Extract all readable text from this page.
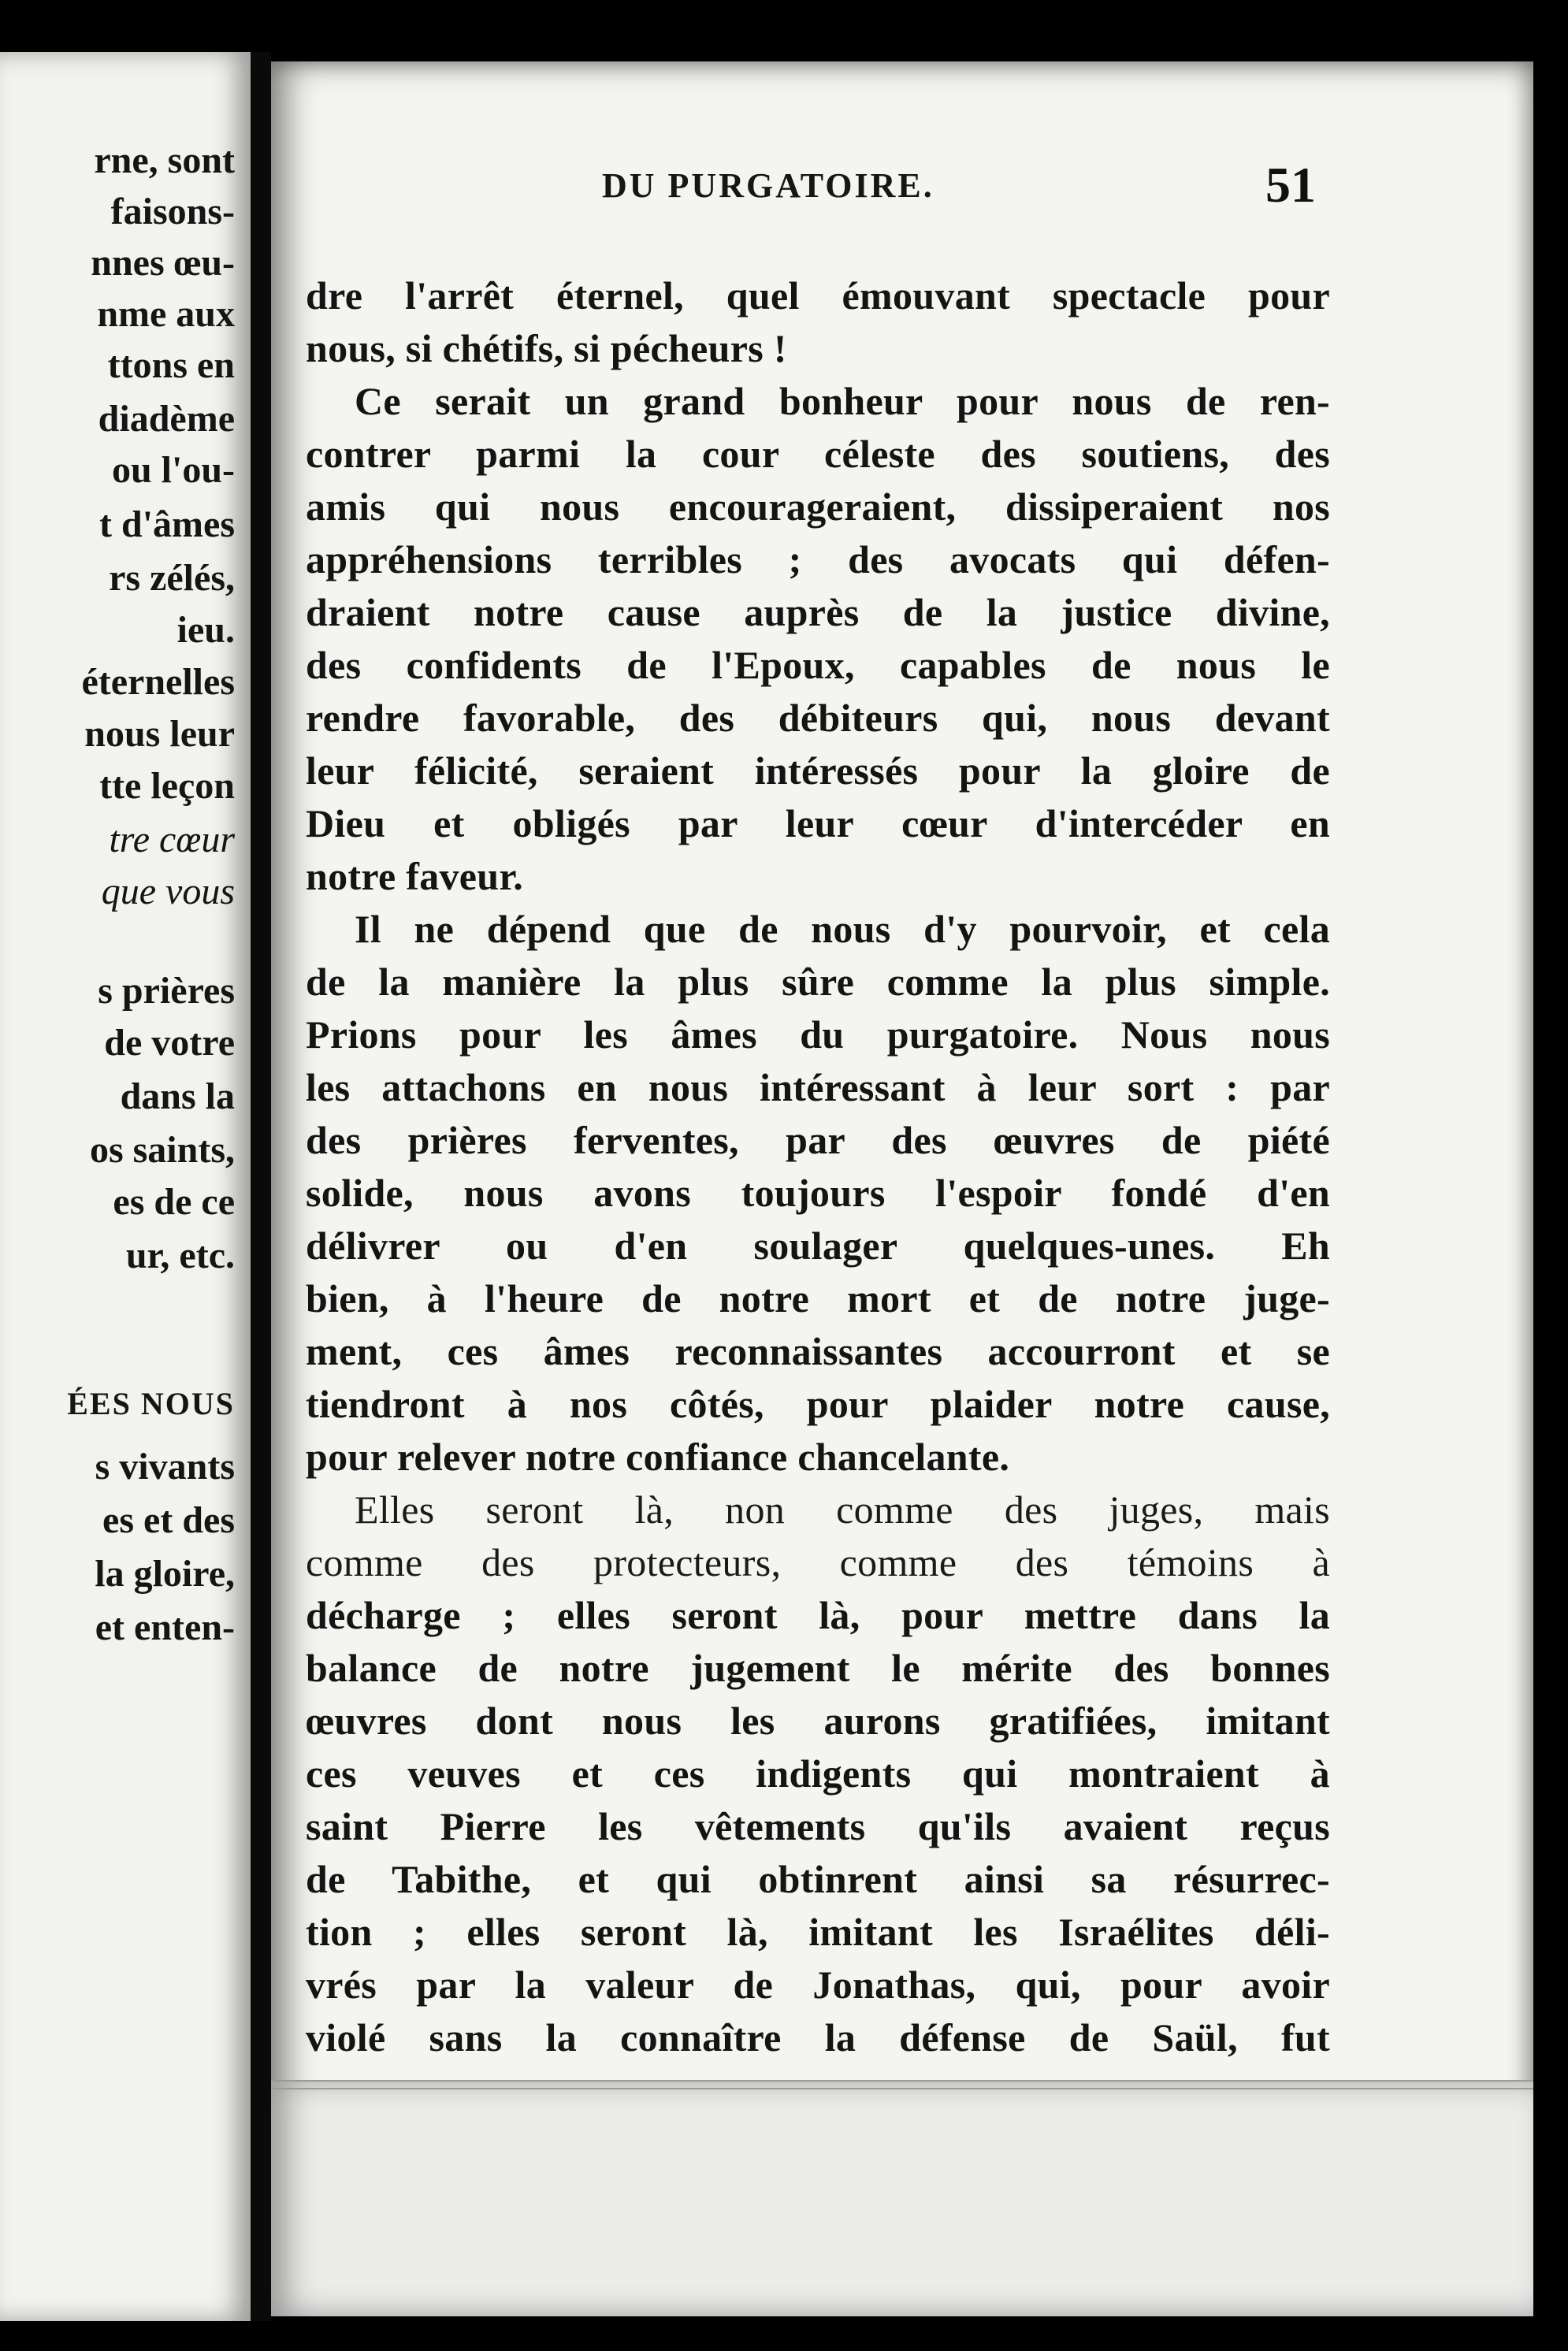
rne, sont
faisons-
nnes œu-
nme aux
ttons en
diadème
ou l'ou-
t d'âmes
rs zélés,
ieu.
éternelles
nous leur
tte leçon
tre cœur
que vous
s prières
de votre
dans la
os saints,
es de ce
ur, etc.
ÉES NOUS
s vivants
es et des
la gloire,
et enten-
DU PURGATOIRE.	51
dre l'arrêt éternel, quel émouvant spectacle pour
nous, si chétifs, si pécheurs !
Ce serait un grand bonheur pour nous de ren-
contrer parmi la cour céleste des soutiens, des
amis qui nous encourageraient, dissiperaient nos
appréhensions terribles ; des avocats qui défen-
draient notre cause auprès de la justice divine,
des confidents de l'Epoux, capables de nous le
rendre favorable, des débiteurs qui, nous devant
leur félicité, seraient intéressés pour la gloire de
Dieu et obligés par leur cœur d'intercéder en
notre faveur.
Il ne dépend que de nous d'y pourvoir, et cela
de la manière la plus sûre comme la plus simple.
Prions pour les âmes du purgatoire. Nous nous
les attachons en nous intéressant à leur sort : par
des prières ferventes, par des œuvres de piété
solide, nous avons toujours l'espoir fondé d'en
délivrer ou d'en soulager quelques-unes. Eh
bien, à l'heure de notre mort et de notre juge-
ment, ces âmes reconnaissantes accourront et se
tiendront à nos côtés, pour plaider notre cause,
pour relever notre confiance chancelante.
Elles seront là, non comme des juges, mais
comme des protecteurs, comme des témoins à
décharge ; elles seront là, pour mettre dans la
balance de notre jugement le mérite des bonnes
œuvres dont nous les aurons gratifiées, imitant
ces veuves et ces indigents qui montraient à
saint Pierre les vêtements qu'ils avaient reçus
de Tabithe, et qui obtinrent ainsi sa résurrec-
tion ; elles seront là, imitant les Israélites déli-
vrés par la valeur de Jonathas, qui, pour avoir
violé sans la connaître la défense de Saül, fut
